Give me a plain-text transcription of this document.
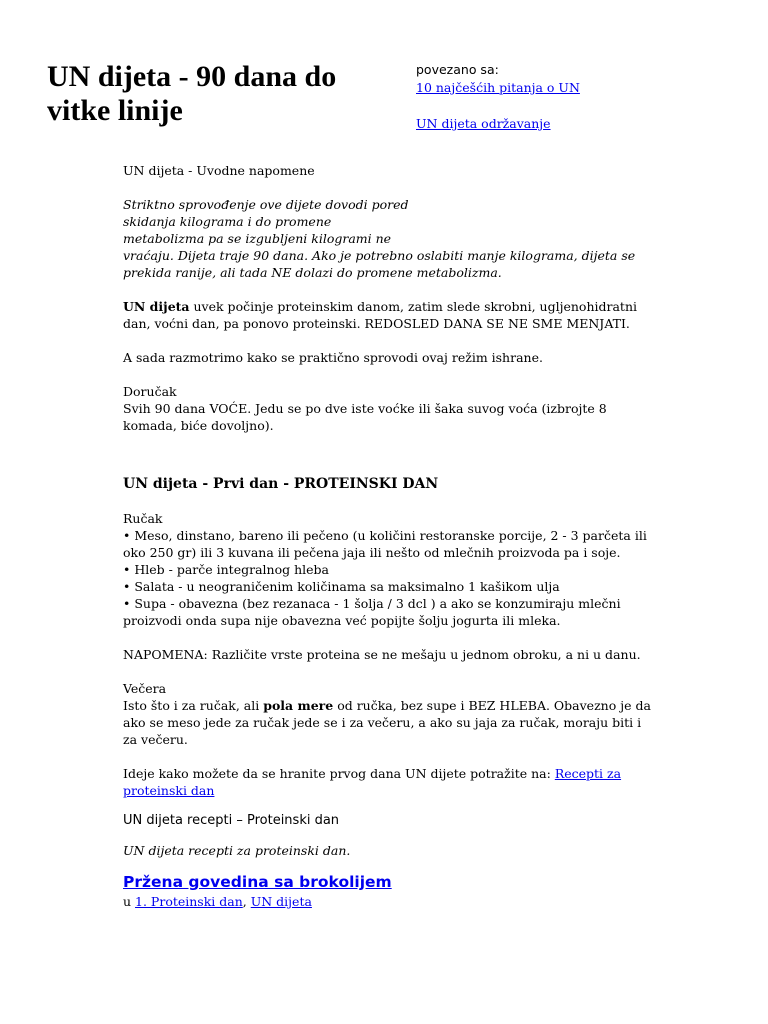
UN dijeta - 90 dana do vitke linije
povezano sa:
10 najčešćih pitanja o UN
UN dijeta održavanje

UN dijeta - Uvodne napomene

Striktno sprovođenje ove dijete dovodi pored

skidanja kilograma i do promene

metabolizma pa se izgubljeni kilogrami ne

vraćaju. Dijeta traje 90 dana. Ako je potrebno oslabiti manje kilograma, dijeta se

prekida ranije, ali tada NE dolazi do promene metabolizma.

UN dijeta uvek počinje proteinskim danom, zatim slede skrobni, ugljenohidratni dan, voćni dan, pa ponovo proteinski. REDOSLED DANA SE NE SME MENJATI.

A sada razmotrimo kako se praktično sprovodi ovaj režim ishrane.

Doručak

Svih 90 dana VOĆE. Jedu se po dve iste voćke ili šaka suvog voća (izbrojte 8 komada, biće dovoljno).

UN dijeta - Prvi dan - PROTEINSKI DAN

Ručak

• Meso, dinstano, bareno ili pečeno (u količini restoranske porcije, 2 - 3 parčeta ili oko 250 gr) ili 3 kuvana ili pečena jaja ili nešto od mlečnih proizvoda pa i soje.

• Hleb - parče integralnog hleba

• Salata - u neograničenim količinama sa maksimalno 1 kašikom ulja

• Supa - obavezna (bez rezanaca - 1 šolja / 3 dcl ) a ako se konzumiraju mlečni proizvodi onda supa nije obavezna već popijte šolju jogurta ili mleka.

NAPOMENA: Različite vrste proteina se ne mešaju u jednom obroku, a ni u danu.

Večera

Isto što i za ručak, ali pola mere od ručka, bez supe i BEZ HLEBA. Obavezno je da ako se meso jede za ručak jede se i za večeru, a ako su jaja za ručak, moraju biti i za večeru.

Ideje kako možete da se hranite prvog dana UN dijete potražite na: Recepti za proteinski dan

UN dijeta recepti – Proteinski dan

UN dijeta recepti za proteinski dan.

Pržena govedina sa brokolijem

u 1. Proteinski dan, UN dijeta
